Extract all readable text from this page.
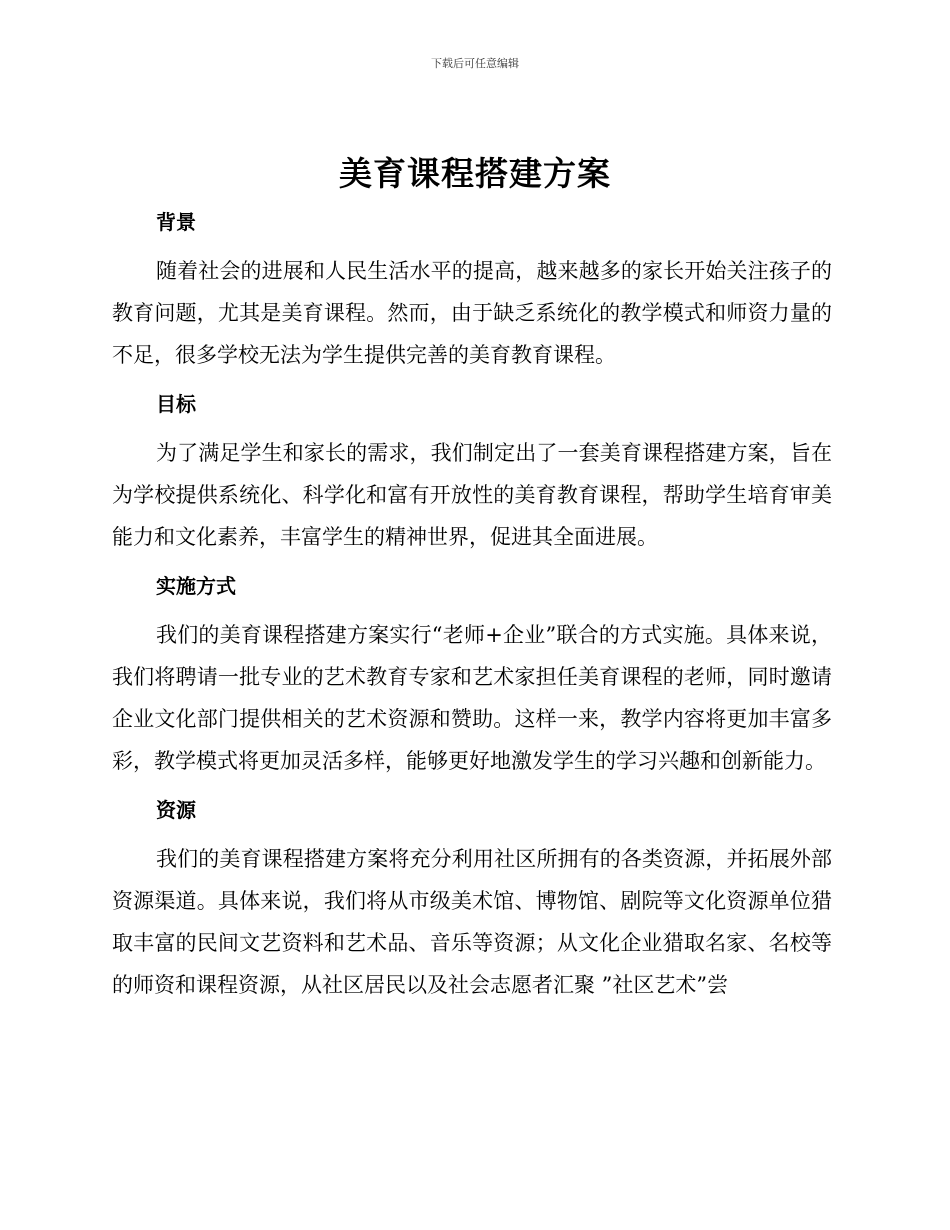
下载后可任意编辑
美育课程搭建方案
背景

随着社会的进展和人民生活水平的提高，越来越多的家长开始关注孩子的教育问题，尤其是美育课程。然而，由于缺乏系统化的教学模式和师资力量的不足，很多学校无法为学生提供完善的美育教育课程。

目标

为了满足学生和家长的需求，我们制定出了一套美育课程搭建方案，旨在为学校提供系统化、科学化和富有开放性的美育教育课程，帮助学生培育审美能力和文化素养，丰富学生的精神世界，促进其全面进展。

实施方式

我们的美育课程搭建方案实行“老师+企业”联合的方式实施。具体来说，我们将聘请一批专业的艺术教育专家和艺术家担任美育课程的老师，同时邀请企业文化部门提供相关的艺术资源和赞助。这样一来，教学内容将更加丰富多彩，教学模式将更加灵活多样，能够更好地激发学生的学习兴趣和创新能力。

资源

我们的美育课程搭建方案将充分利用社区所拥有的各类资源，并拓展外部资源渠道。具体来说，我们将从市级美术馆、博物馆、剧院等文化资源单位猎取丰富的民间文艺资料和艺术品、音乐等资源；从文化企业猎取名家、名校等的师资和课程资源，从社区居民以及社会志愿者汇聚 ”社区艺术”尝
